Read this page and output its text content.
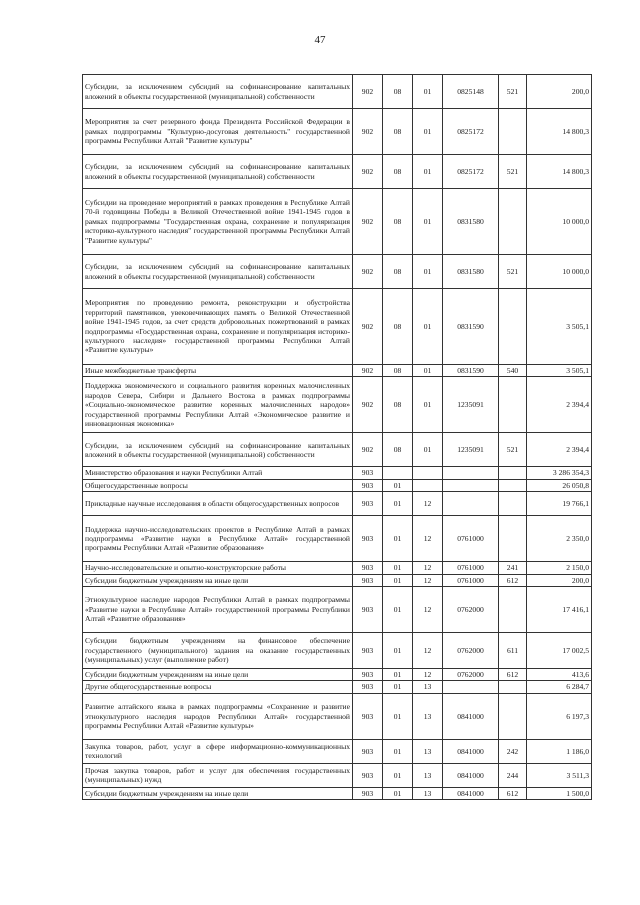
47
Субсидии, за исключением субсидий на софинансирование капитальных вложений в объекты государственной (муниципальной) собственности	902	08	01	0825148	521	200,0
Мероприятия за счет резервного фонда Президента Российской Федерации в рамках подпрограммы "Культурно-досуговая деятельность" государственной программы Республики Алтай "Развитие культуры"	902	08	01	0825172		14 800,3
Субсидии, за исключением субсидий на софинансирование капитальных вложений в объекты государственной (муниципальной) собственности	902	08	01	0825172	521	14 800,3
Субсидии на проведение мероприятий в рамках проведения в Республике Алтай 70-й годовщины Победы в Великой Отечественной войне 1941-1945 годов в рамках подпрограммы "Государственная охрана, сохранение и популяризация историко-культурного наследия" государственной программы Республики Алтай "Развитие культуры"	902	08	01	0831580		10 000,0
Субсидии, за исключением субсидий на софинансирование капитальных вложений в объекты государственной (муниципальной) собственности	902	08	01	0831580	521	10 000,0
Мероприятия по проведению ремонта, реконструкции и обустройства территорий памятников, увековечивающих память о Великой Отечественной войне 1941-1945 годов, за счет средств добровольных пожертвований в рамках подпрограммы «Государственная охрана, сохранение и популяризация историко-культурного наследия» государственной программы Республики Алтай «Развитие культуры»	902	08	01	0831590		3 505,1
Иные межбюджетные трансферты	902	08	01	0831590	540	3 505,1
Поддержка экономического и социального развития коренных малочисленных народов Севера, Сибири и Дальнего Востока в рамках подпрограммы «Социально-экономическое развитие коренных малочисленных народов» государственной программы Республики Алтай «Экономическое развитие и инновационная экономика»	902	08	01	1235091		2 394,4
Субсидии, за исключением субсидий на софинансирование капитальных вложений в объекты государственной (муниципальной) собственности	902	08	01	1235091	521	2 394,4
Министерство образования и науки Республики Алтай	903					3 286 354,3
Общегосударственные вопросы	903	01				26 050,8
Прикладные научные исследования в области общегосударственных вопросов	903	01	12			19 766,1
Поддержка научно-исследовательских проектов в Республике Алтай в рамках подпрограммы «Развитие науки в Республике Алтай» государственной программы Республики Алтай «Развитие образования»	903	01	12	0761000		2 350,0
Научно-исследовательские и опытно-конструкторские работы	903	01	12	0761000	241	2 150,0
Субсидии бюджетным учреждениям на иные цели	903	01	12	0761000	612	200,0
Этнокультурное наследие народов Республики Алтай в рамках подпрограммы «Развитие науки в Республике Алтай» государственной программы Республики Алтай «Развитие образования»	903	01	12	0762000		17 416,1
Субсидии бюджетным учреждениям на финансовое обеспечение государственного (муниципального) задания на оказание государственных (муниципальных) услуг (выполнение работ)	903	01	12	0762000	611	17 002,5
Субсидии бюджетным учреждениям на иные цели	903	01	12	0762000	612	413,6
Другие общегосударственные вопросы	903	01	13			6 284,7
Развитие алтайского языка в рамках подпрограммы «Сохранение и развитие этнокультурного наследия народов Республики Алтай» государственной программы Республики Алтай «Развитие культуры»	903	01	13	0841000		6 197,3
Закупка товаров, работ, услуг в сфере информационно-коммуникационных технологий	903	01	13	0841000	242	1 186,0
Прочая закупка товаров, работ и услуг для обеспечения государственных (муниципальных) нужд	903	01	13	0841000	244	3 511,3
Субсидии бюджетным учреждениям на иные цели	903	01	13	0841000	612	1 500,0
